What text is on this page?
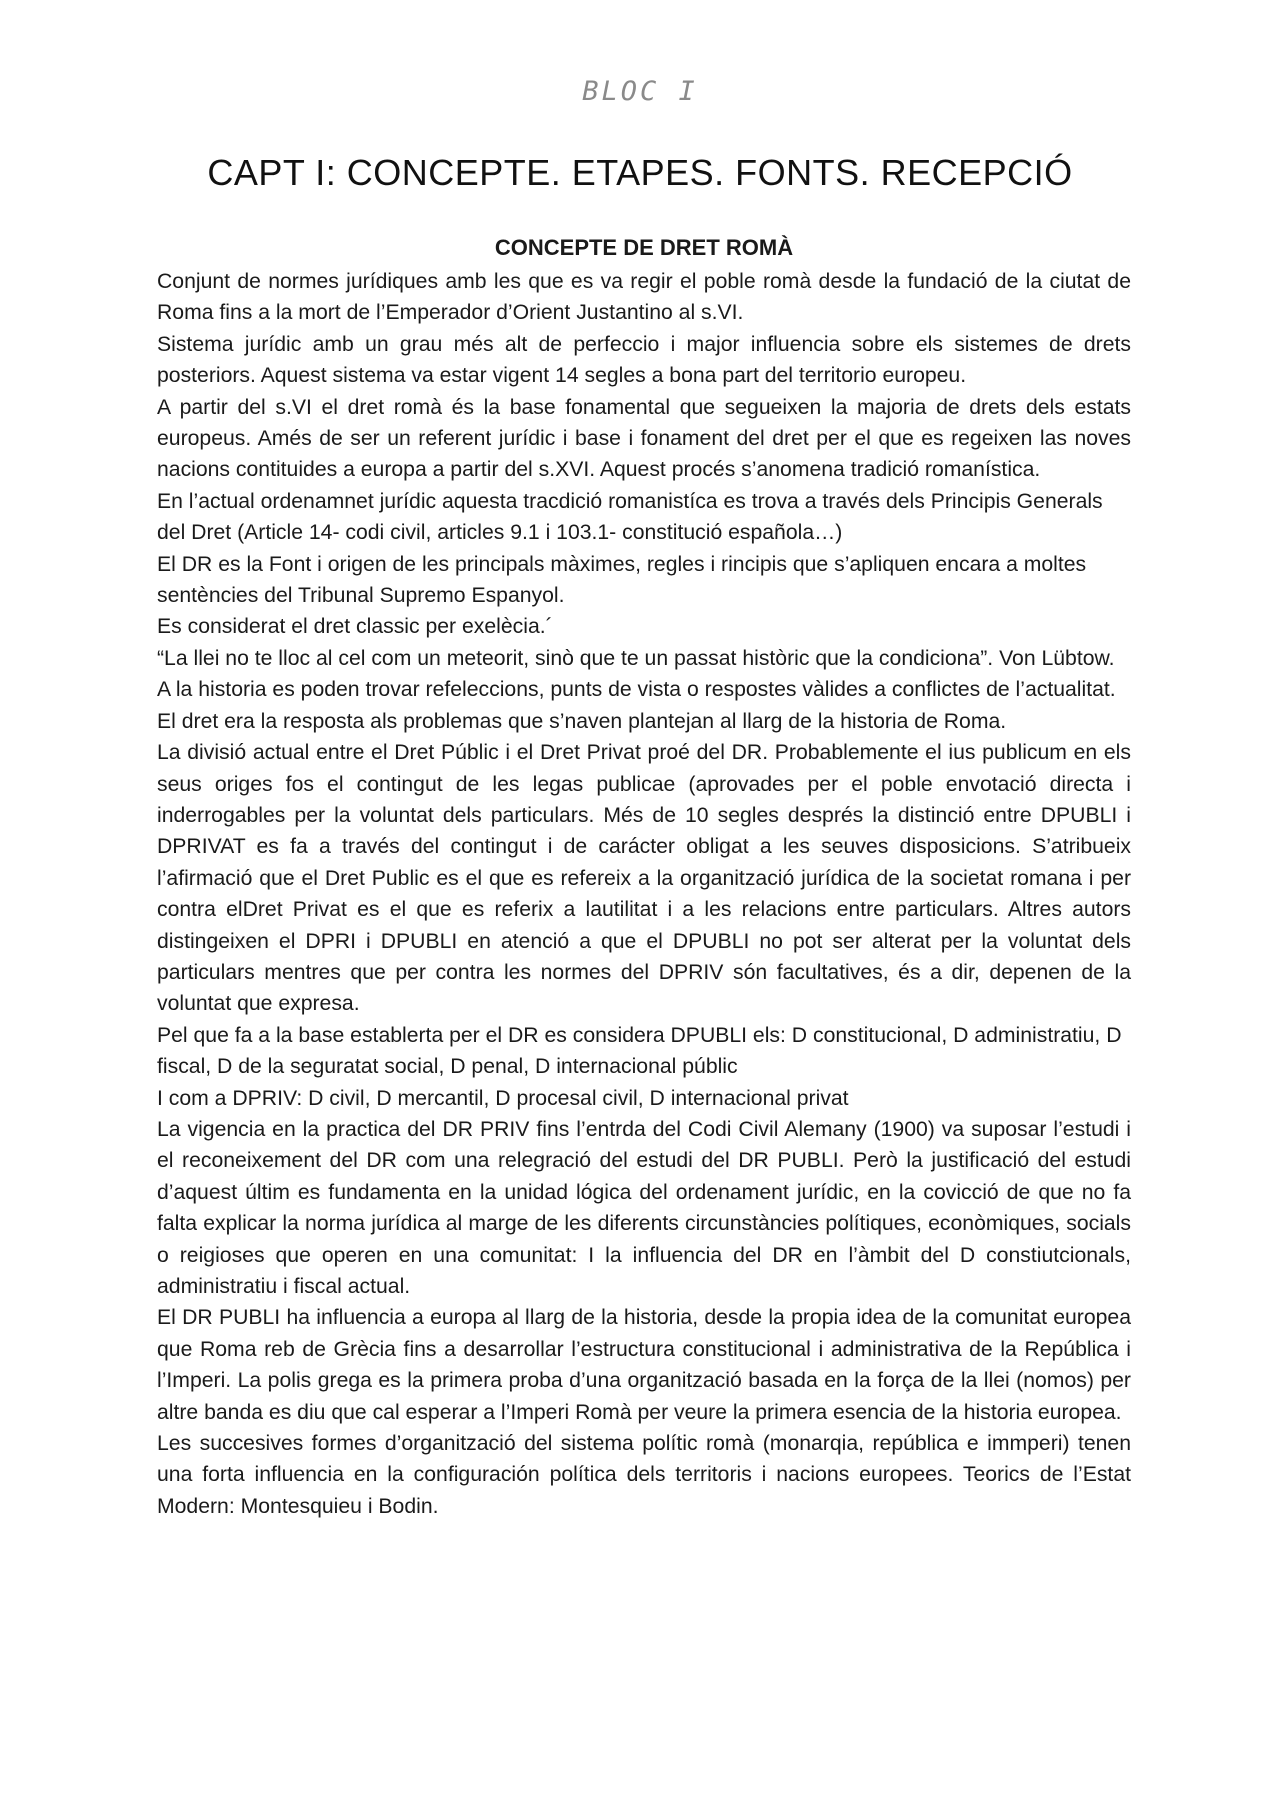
BLOC I
CAPT I: CONCEPTE. ETAPES. FONTS. RECEPCIÓ
CONCEPTE DE DRET ROMÀ

Conjunt de normes jurídiques amb les que es va regir el poble romà desde la fundació de la ciutat de Roma fins a la mort de l’Emperador d’Orient Justantino al s.VI.

Sistema jurídic amb un grau més alt de perfeccio i major influencia sobre els sistemes de drets posteriors. Aquest sistema va estar vigent 14 segles a bona part del territorio europeu.

A partir del s.VI el dret romà és la base fonamental que segueixen la majoria de drets dels estats europeus. Amés de ser un referent jurídic i base i fonament del dret per el que es regeixen las noves nacions contituides a europa a partir del s.XVI. Aquest procés s’anomena tradició romanística.

En l’actual ordenamnet jurídic aquesta tracdició romanistíca es trova a través dels Principis Generals del Dret (Article 14- codi civil, articles 9.1 i 103.1- constitució española…)

El DR es la Font i origen de les principals màximes, regles i rincipis que s’apliquen encara a moltes sentències del Tribunal Supremo Espanyol.

Es considerat el dret classic per exelècia.´

“La llei no te lloc al cel com un meteorit, sinò que te un passat històric que la condiciona”. Von Lübtow.

A la historia es poden trovar refeleccions, punts de vista o respostes vàlides a conflictes de l’actualitat.

El dret era la resposta als problemas que s’naven plantejan al llarg de la historia de Roma.

La divisió actual entre el Dret Públic i el Dret Privat proé del DR. Probablemente el ius publicum en els seus origes fos el contingut de les legas publicae (aprovades per el poble envotació directa i inderrogables per la voluntat dels particulars. Més de 10 segles després la distinció entre DPUBLI i DPRIVAT es fa a través del contingut i de carácter obligat a les seuves disposicions. S’atribueix l’afirmació que el Dret Public es el que es refereix a la organització jurídica de la societat romana i per contra elDret Privat es el que es referix a lautilitat i a les relacions entre particulars. Altres autors distingeixen el DPRI i DPUBLI en atenció a que el DPUBLI no pot ser alterat per la voluntat dels particulars mentres que per contra les normes del DPRIV són facultatives, és a dir, depenen de la voluntat que expresa.

Pel que fa a la base establerta per el DR es considera DPUBLI els: D constitucional, D administratiu, D fiscal, D de la seguratat social, D penal, D internacional públic

I com a DPRIV: D civil, D mercantil, D procesal civil, D internacional privat

La vigencia en la practica del DR PRIV fins l’entrda del Codi Civil Alemany (1900) va suposar l’estudi i el reconeixement del DR com una relegració del estudi del DR PUBLI. Però la justificació del estudi d’aquest últim es fundamenta en la unidad lógica del ordenament jurídic, en la covicció de que no fa falta explicar la norma jurídica al marge de les diferents circunstàncies polítiques, econòmiques, socials o reigioses que operen en una comunitat: I la influencia del DR en l’àmbit del D constiutcionals, administratiu i fiscal actual.

El DR PUBLI ha influencia a europa al llarg de la historia, desde la propia idea de la comunitat europea que Roma reb de Grècia fins a desarrollar l’estructura constitucional i administrativa de la República i l’Imperi. La polis grega es la primera proba d’una organització basada en la força de la llei (nomos) per altre banda es diu que cal esperar a l’Imperi Romà per veure la primera esencia de la historia europea.

Les succesives formes d’organització del sistema polític romà (monarqia, república e immperi) tenen una forta influencia en la configuración política dels territoris i nacions europees. Teorics de l’Estat Modern: Montesquieu i Bodin.
